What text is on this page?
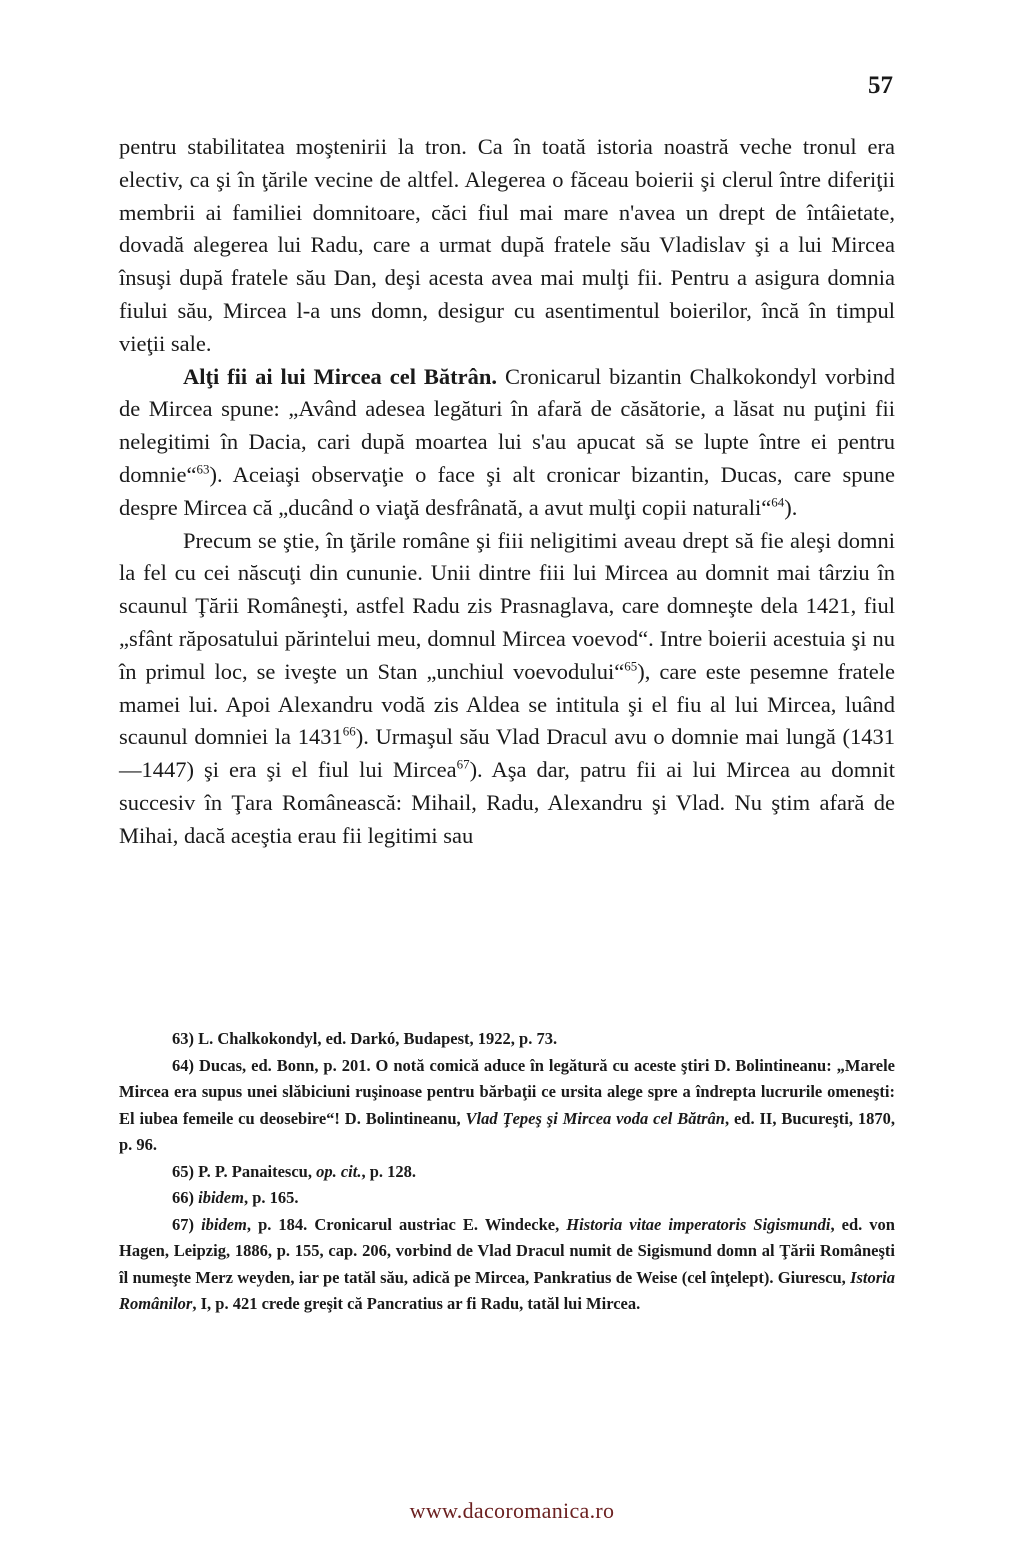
57

pentru stabilitatea moştenirii la tron. Ca în toată istoria noastră veche tronul era electiv, ca şi în ţările vecine de altfel. Alegerea o făceau boierii şi clerul între diferiţii membrii ai familiei domnitoare, căci fiul mai mare n'avea un drept de întâietate, dovadă alegerea lui Radu, care a urmat după fratele său Vladislav şi a lui Mircea însuşi după fratele său Dan, deşi acesta avea mai mulţi fii. Pentru a asigura domnia fiului său, Mircea l-a uns domn, desigur cu asentimentul boierilor, încă în timpul vieţii sale.

Alţi fii ai lui Mircea cel Bătrân. Cronicarul bizantin Chalkokondyl vorbind de Mircea spune: „Având adesea legături în afară de căsătorie, a lăsat nu puţini fii nelegitimi în Dacia, cari după moartea lui s'au apucat să se lupte între ei pentru domnie“$^{63}$). Aceiaşi observaţie o face şi alt cronicar bizantin, Ducas, care spune despre Mircea că „ducând o viaţă desfrânată, a avut mulţi copii naturali“$^{64}$).

Precum se ştie, în ţările române şi fiii neligitimi aveau drept să fie aleşi domni la fel cu cei născuţi din cununie. Unii dintre fiii lui Mircea au domnit mai târziu în scaunul Ţării Româneşti, astfel Radu zis Prasnaglava, care domneşte dela 1421, fiul „sfânt răposatului părintelui meu, domnul Mircea voevod“. Intre boierii acestuia şi nu în primul loc, se iveşte un Stan „unchiul voevodului“$^{65}$), care este pesemne fratele mamei lui. Apoi Alexandru vodă zis Aldea se intitula şi el fiu al lui Mircea, luând scaunul domniei la 1431$^{66}$). Urmaşul său Vlad Dracul avu o domnie mai lungă (1431—1447) şi era şi el fiul lui Mircea$^{67}$). Aşa dar, patru fii ai lui Mircea au domnit succesiv în Ţara Românească: Mihail, Radu, Alexandru şi Vlad. Nu ştim afară de Mihai, dacă aceştia erau fii legitimi sau

63) L. Chalkokondyl, ed. Darkó, Budapest, 1922, p. 73.

64) Ducas, ed. Bonn, p. 201. O notă comică aduce în legătură cu aceste ştiri D. Bolintineanu: „Marele Mircea era supus unei slăbiciuni ruşinoase pentru bărbaţii ce ursita alege spre a îndrepta lucrurile omeneşti: El iubea femeile cu deosebire“! D. Bolintineanu, Vlad Ţepeş şi Mircea voda cel Bătrân, ed. II, Bucureşti, 1870, p. 96.

65) P. P. Panaitescu, op. cit., p. 128.

66) ibidem, p. 165.

67) ibidem, p. 184. Cronicarul austriac E. Windecke, Historia vitae imperatoris Sigismundi, ed. von Hagen, Leipzig, 1886, p. 155, cap. 206, vorbind de Vlad Dracul numit de Sigismund domn al Ţării Româneşti îl numeşte Merz weyden, iar pe tatăl său, adică pe Mircea, Pankratius de Weise (cel înţelept). Giurescu, Istoria Românilor, I, p. 421 crede greşit că Pancratius ar fi Radu, tatăl lui Mircea.

www.dacoromanica.ro
